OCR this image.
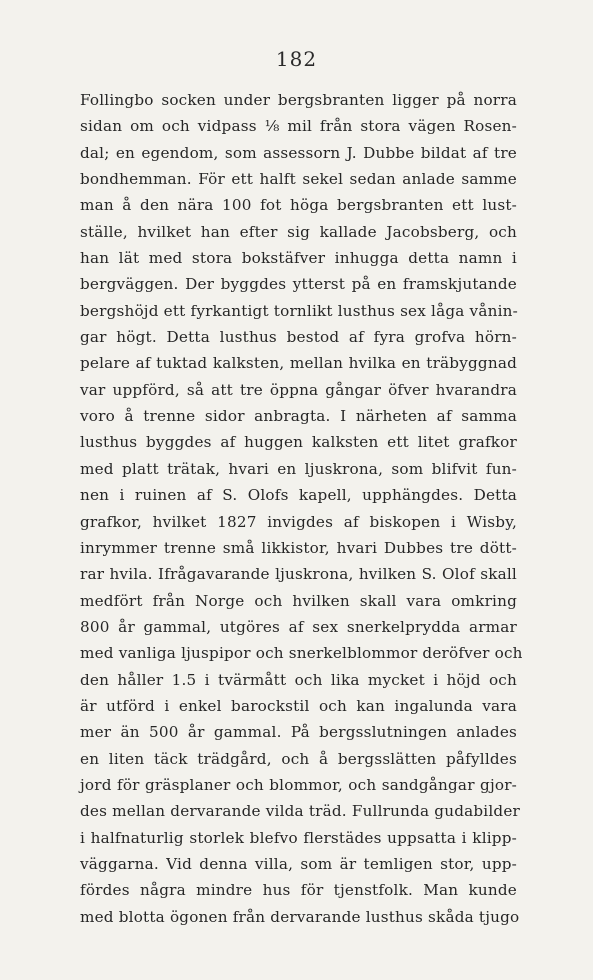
182
Follingbo socken under bergsbranten ligger på norra
sidan om och vidpass ⅛ mil från stora vägen Rosen-
dal; en egendom, som assessorn J. Dubbe bildat af tre
bondhemman. För ett halft sekel sedan anlade samme
man å den nära 100 fot höga bergsbranten ett lust-
ställe, hvilket han efter sig kallade Jacobsberg, och
han lät med stora bokstäfver inhugga detta namn i
bergväggen. Der byggdes ytterst på en framskjutande
bergshöjd ett fyrkantigt tornlikt lusthus sex låga vånin-
gar högt. Detta lusthus bestod af fyra grofva hörn-
pelare af tuktad kalksten, mellan hvilka en träbyggnad
var uppförd, så att tre öppna gångar öfver hvarandra
voro å trenne sidor anbragta. I närheten af samma
lusthus byggdes af huggen kalksten ett litet grafkor
med platt trätak, hvari en ljuskrona, som blifvit fun-
nen i ruinen af S. Olofs kapell, upphängdes. Detta
grafkor, hvilket 1827 invigdes af biskopen i Wisby,
inrymmer trenne små likkistor, hvari Dubbes tre dött-
rar hvila. Ifrågavarande ljuskrona, hvilken S. Olof skall
medfört från Norge och hvilken skall vara omkring
800 år gammal, utgöres af sex snerkelprydda armar
med vanliga ljuspipor och snerkelblommor deröfver och
den håller 1.5 i tvärmått och lika mycket i höjd och
är utförd i enkel barockstil och kan ingalunda vara
mer än 500 år gammal. På bergsslutningen anlades
en liten täck trädgård, och å bergsslätten påfylldes
jord för gräsplaner och blommor, och sandgångar gjor-
des mellan dervarande vilda träd. Fullrunda gudabilder
i halfnaturlig storlek blefvo flerstädes uppsatta i klipp-
väggarna. Vid denna villa, som är temligen stor, upp-
fördes några mindre hus för tjenstfolk. Man kunde
med blotta ögonen från dervarande lusthus skåda tjugo
